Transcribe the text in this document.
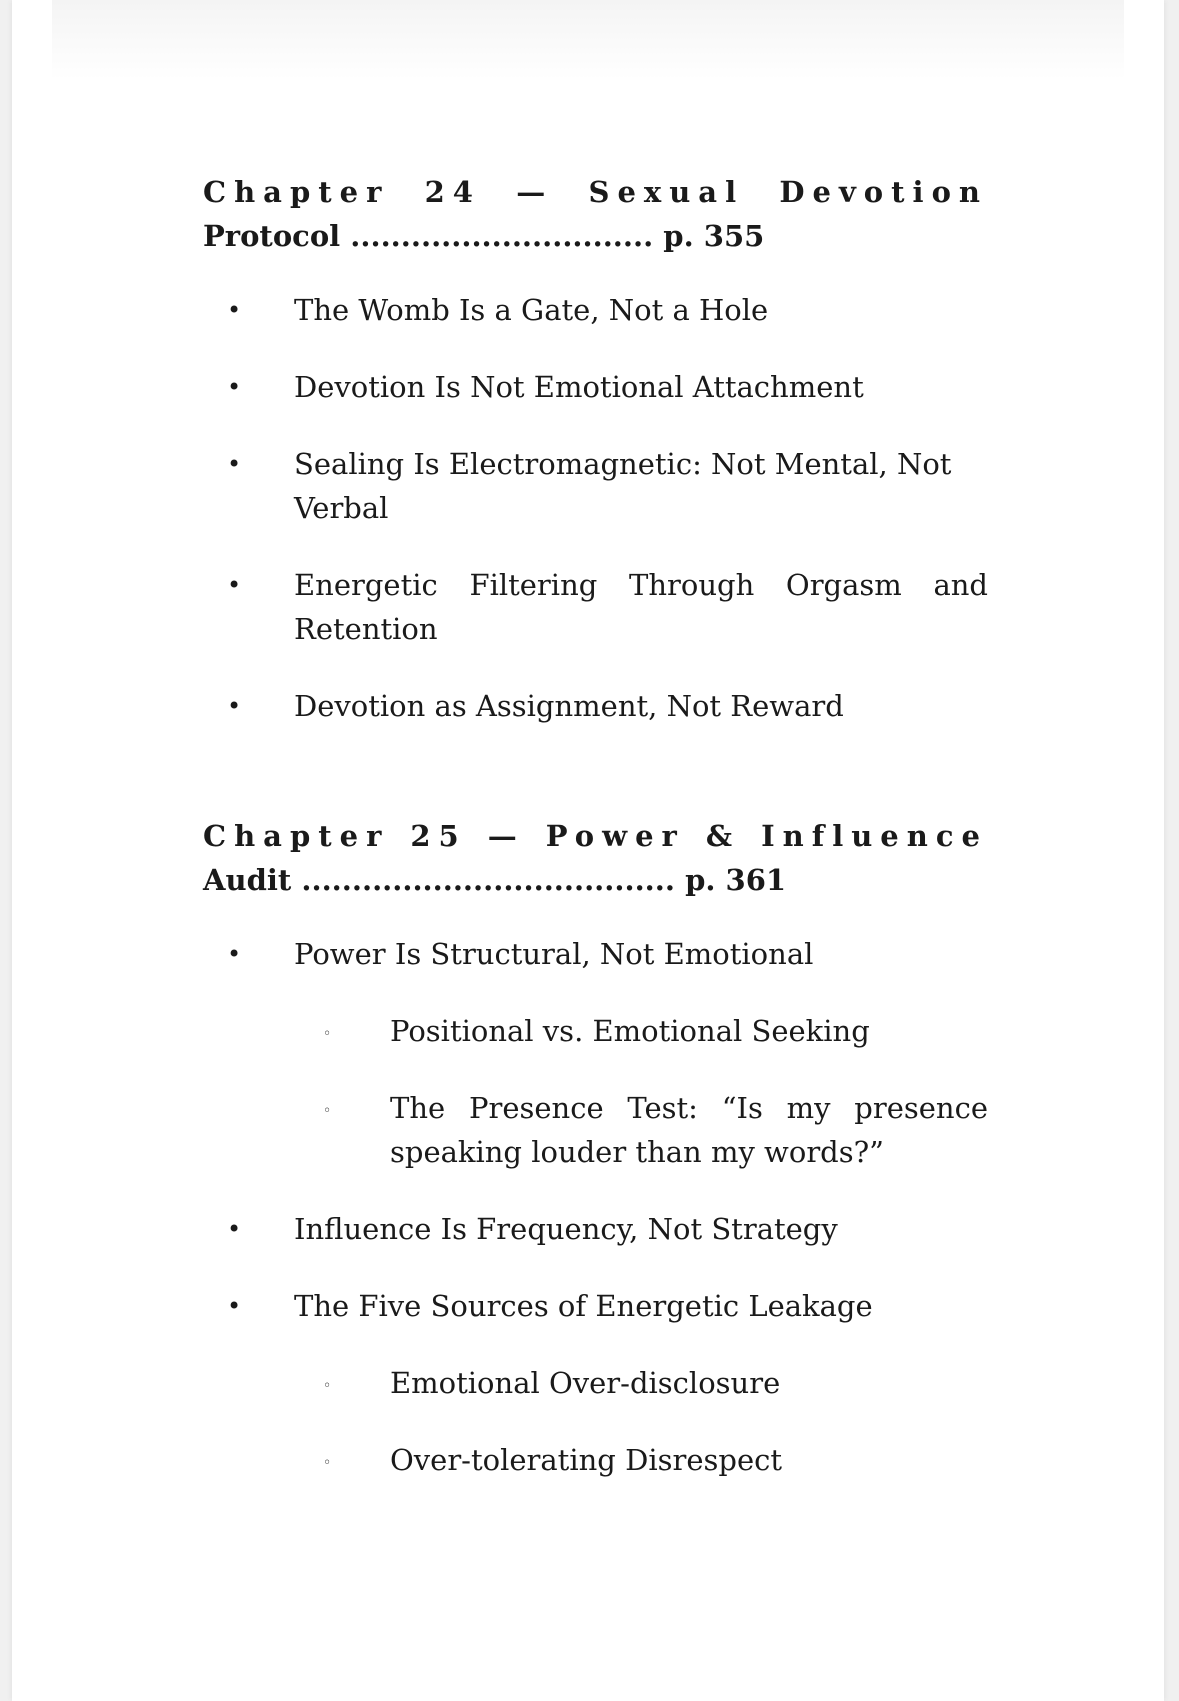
Chapter 24 — Sexual Devotion
Protocol .............................. p. 355
• The Womb Is a Gate, Not a Hole
• Devotion Is Not Emotional Attachment
• Sealing Is Electromagnetic: Not Mental, Not Verbal
• Energetic Filtering Through Orgasm and Retention
• Devotion as Assignment, Not Reward
Chapter 25 — Power & Influence
Audit ..................................... p. 361
• Power Is Structural, Not Emotional
◦ Positional vs. Emotional Seeking
◦ The Presence Test: “Is my presence speaking louder than my words?”
• Influence Is Frequency, Not Strategy
• The Five Sources of Energetic Leakage
◦ Emotional Over-disclosure
◦ Over-tolerating Disrespect
